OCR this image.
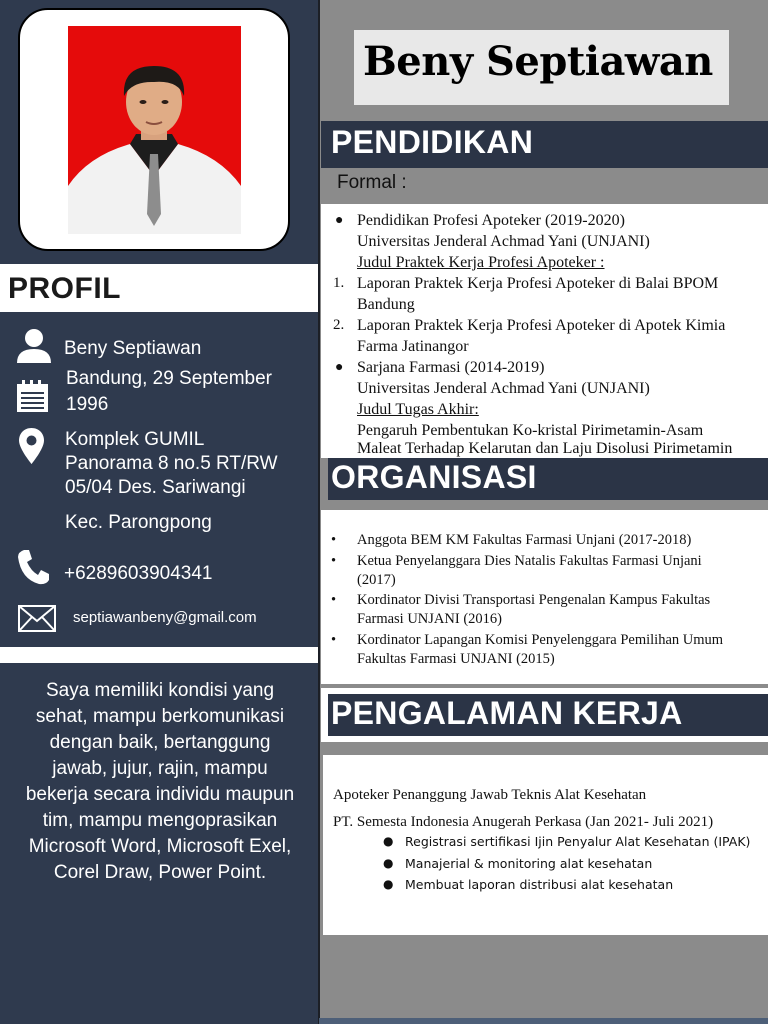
PROFIL
Beny Septiawan
Bandung, 29 September
1996
Komplek GUMIL
Panorama 8 no.5 RT/RW
05/04 Des. Sariwangi
Kec. Parongpong
+6289603904341
septiawanbeny@gmail.com
Saya memiliki kondisi yang sehat, mampu berkomunikasi dengan baik, bertanggung jawab, jujur, rajin, mampu bekerja secara individu maupun tim, mampu mengoprasikan Microsoft Word, Microsoft Exel, Corel Draw, Power Point.
Beny Septiawan
PENDIDIKAN
Formal :
● Pendidikan Profesi Apoteker (2019-2020)
Universitas Jenderal Achmad Yani (UNJANI)
Judul Praktek Kerja Profesi Apoteker :
1. Laporan Praktek Kerja Profesi Apoteker di Balai BPOM
Bandung
2. Laporan Praktek Kerja Profesi Apoteker di Apotek Kimia
Farma Jatinangor
● Sarjana Farmasi (2014-2019)
Universitas Jenderal Achmad Yani (UNJANI)
Judul Tugas Akhir:
Pengaruh Pembentukan Ko-kristal Pirimetamin-Asam
Maleat Terhadap Kelarutan dan Laju Disolusi Pirimetamin
ORGANISASI
• Anggota BEM KM Fakultas Farmasi Unjani (2017-2018)
• Ketua Penyelanggara Dies Natalis Fakultas Farmasi Unjani
(2017)
• Kordinator Divisi Transportasi Pengenalan Kampus Fakultas
Farmasi UNJANI (2016)
• Kordinator Lapangan Komisi Penyelenggara Pemilihan Umum
Fakultas Farmasi UNJANI (2015)
PENGALAMAN KERJA
Apoteker Penanggung Jawab Teknis Alat Kesehatan
PT. Semesta Indonesia Anugerah Perkasa (Jan 2021- Juli 2021)
● Registrasi sertifikasi Ijin Penyalur Alat Kesehatan (IPAK)
● Manajerial & monitoring alat kesehatan
● Membuat laporan distribusi alat kesehatan
